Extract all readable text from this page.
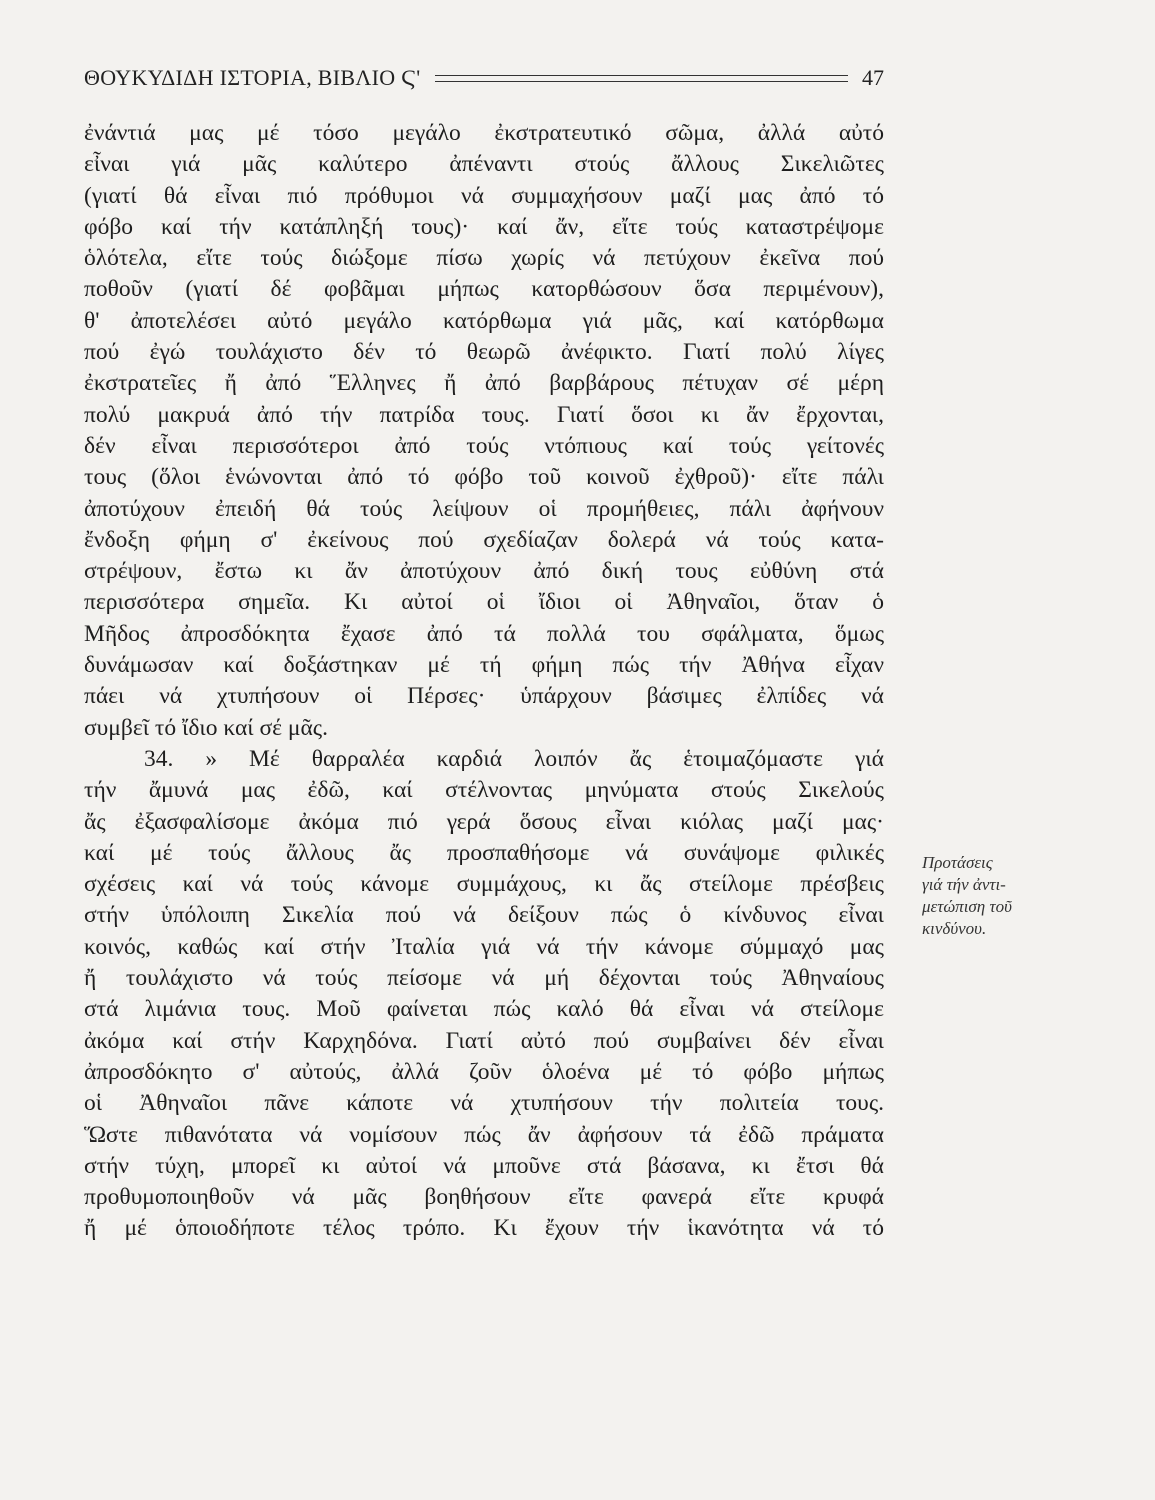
ΘΟΥΚΥΔΙΔΗ ΙΣΤΟΡΙΑ, ΒΙΒΛΙΟ Ϛ'	47
ἐνάντιά μας μέ τόσο μεγάλο ἐκστρατευτικό σῶμα, ἀλλά αὐτό
εἶναι γιά μᾶς καλύτερο ἀπέναντι στούς ἄλλους Σικελιῶτες
(γιατί θά εἶναι πιό πρόθυμοι νά συμμαχήσουν μαζί μας ἀπό τό
φόβο καί τήν κατάπληξή τους)· καί ἄν, εἴτε τούς καταστρέψομε
ὁλότελα, εἴτε τούς διώξομε πίσω χωρίς νά πετύχουν ἐκεῖνα πού
ποθοῦν (γιατί δέ φοβᾶμαι μήπως κατορθώσουν ὅσα περιμένουν),
θ' ἀποτελέσει αὐτό μεγάλο κατόρθωμα γιά μᾶς, καί κατόρθωμα
πού ἐγώ τουλάχιστο δέν τό θεωρῶ ἀνέφικτο. Γιατί πολύ λίγες
ἐκστρατεῖες ἤ ἀπό Ἕλληνες ἤ ἀπό βαρβάρους πέτυχαν σέ μέρη
πολύ μακρυά ἀπό τήν πατρίδα τους. Γιατί ὅσοι κι ἄν ἔρχονται,
δέν εἶναι περισσότεροι ἀπό τούς ντόπιους καί τούς γείτονές
τους (ὅλοι ἑνώνονται ἀπό τό φόβο τοῦ κοινοῦ ἐχθροῦ)· εἴτε πάλι
ἀποτύχουν ἐπειδή θά τούς λείψουν οἱ προμήθειες, πάλι ἀφήνουν
ἔνδοξη φήμη σ' ἐκείνους πού σχεδίαζαν δολερά νά τούς κατα-
στρέψουν, ἔστω κι ἄν ἀποτύχουν ἀπό δική τους εὐθύνη στά
περισσότερα σημεῖα. Κι αὐτοί οἱ ἴδιοι οἱ Ἀθηναῖοι, ὅταν ὁ
Μῆδος ἀπροσδόκητα ἔχασε ἀπό τά πολλά του σφάλματα, ὅμως
δυνάμωσαν καί δοξάστηκαν μέ τή φήμη πώς τήν Ἀθήνα εἶχαν
πάει νά χτυπήσουν οἱ Πέρσες· ὑπάρχουν βάσιμες ἐλπίδες νά
συμβεῖ τό ἴδιο καί σέ μᾶς.
34. » Μέ θαρραλέα καρδιά λοιπόν ἄς ἑτοιμαζόμαστε γιά
τήν ἄμυνά μας ἐδῶ, καί στέλνοντας μηνύματα στούς Σικελούς
ἄς ἐξασφαλίσομε ἀκόμα πιό γερά ὅσους εἶναι κιόλας μαζί μας·
καί μέ τούς ἄλλους ἄς προσπαθήσομε νά συνάψομε φιλικές
σχέσεις καί νά τούς κάνομε συμμάχους, κι ἄς στείλομε πρέσβεις
στήν ὑπόλοιπη Σικελία πού νά δείξουν πώς ὁ κίνδυνος εἶναι
κοινός, καθώς καί στήν Ἰταλία γιά νά τήν κάνομε σύμμαχό μας
ἤ τουλάχιστο νά τούς πείσομε νά μή δέχονται τούς Ἀθηναίους
στά λιμάνια τους. Μοῦ φαίνεται πώς καλό θά εἶναι νά στείλομε
ἀκόμα καί στήν Καρχηδόνα. Γιατί αὐτό πού συμβαίνει δέν εἶναι
ἀπροσδόκητο σ' αὐτούς, ἀλλά ζοῦν ὁλοένα μέ τό φόβο μήπως
οἱ Ἀθηναῖοι πᾶνε κάποτε νά χτυπήσουν τήν πολιτεία τους.
Ὥστε πιθανότατα νά νομίσουν πώς ἄν ἀφήσουν τά ἐδῶ πράματα
στήν τύχη, μπορεῖ κι αὐτοί νά μποῦνε στά βάσανα, κι ἔτσι θά
προθυμοποιηθοῦν νά μᾶς βοηθήσουν εἴτε φανερά εἴτε κρυφά
ἤ μέ ὁποιοδήποτε τέλος τρόπο. Κι ἔχουν τήν ἱκανότητα νά τό
Προτάσεις
γιά τήν ἀντι-
μετώπιση τοῦ
κινδύνου.
